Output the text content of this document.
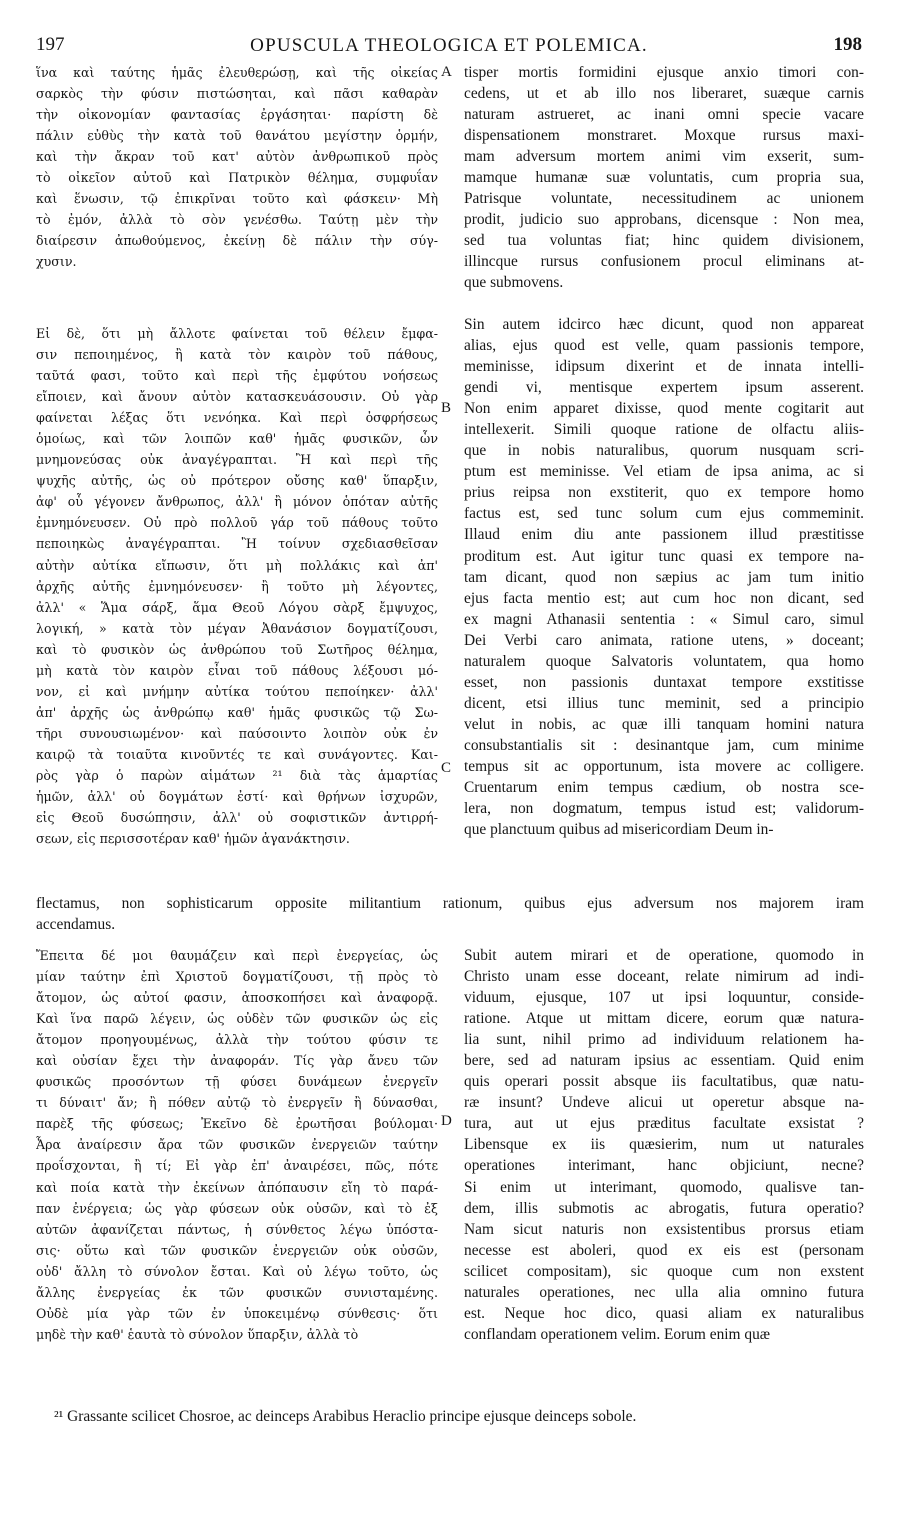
197	OPUSCULA THEOLOGICA ET POLEMICA.	198
A
B
C
D
ἵνα καὶ ταύτης ἡμᾶς ἐλευθερώσῃ, καὶ τῆς οἰκείας
σαρκὸς τὴν φύσιν πιστώσηται, καὶ πᾶσι καθαρὰν
τὴν οἰκονομίαν φαντασίας ἐργάσηται· παρίστη δὲ
πάλιν εὐθὺς τὴν κατὰ τοῦ θανάτου μεγίστην ὁρμήν,
καὶ τὴν ἄκραν τοῦ κατ' αὐτὸν ἀνθρωπικοῦ πρὸς
τὸ οἰκεῖον αὐτοῦ καὶ Πατρικὸν θέλημα, συμφυΐαν
καὶ ἕνωσιν, τῷ ἐπικρῖναι τοῦτο καὶ φάσκειν· Μὴ
τὸ ἐμόν, ἀλλὰ τὸ σὸν γενέσθω. Ταύτῃ μὲν τὴν
διαίρεσιν ἀπωθούμενος, ἐκείνῃ δὲ πάλιν τὴν σύγ-
χυσιν.
Εἰ δὲ, ὅτι μὴ ἄλλοτε φαίνεται τοῦ θέλειν ἔμφα-
σιν πεποιημένος, ἢ κατὰ τὸν καιρὸν τοῦ πάθους,
ταῦτά φασι, τοῦτο καὶ περὶ τῆς ἐμφύτου νοήσεως
εἴποιεν, καὶ ἄνουν αὐτὸν κατασκευάσουσιν. Οὐ γὰρ
φαίνεται λέξας ὅτι νενόηκα. Καὶ περὶ ὀσφρήσεως
ὁμοίως, καὶ τῶν λοιπῶν καθ' ἡμᾶς φυσικῶν, ὧν
μνημονεύσας οὐκ ἀναγέγραπται. Ἢ καὶ περὶ τῆς
ψυχῆς αὐτῆς, ὡς οὐ πρότερον οὔσης καθ' ὕπαρξιν,
ἀφ' οὗ γέγονεν ἄνθρωπος, ἀλλ' ἢ μόνον ὁπόταν αὐτῆς
ἐμνημόνευσεν. Οὐ πρὸ πολλοῦ γάρ τοῦ πάθους τοῦτο
πεποιηκὼς ἀναγέγραπται. Ἢ τοίνυν σχεδιασθεῖσαν
αὐτὴν αὐτίκα εἴπωσιν, ὅτι μὴ πολλάκις καὶ ἀπ'
ἀρχῆς αὐτῆς ἐμνημόνευσεν· ἢ τοῦτο μὴ λέγοντες,
ἀλλ' « Ἅμα σάρξ, ἅμα Θεοῦ Λόγου σὰρξ ἔμψυχος,
λογική, » κατὰ τὸν μέγαν Ἀθανάσιον δογματίζουσι,
καὶ τὸ φυσικὸν ὡς ἀνθρώπου τοῦ Σωτῆρος θέλημα,
μὴ κατὰ τὸν καιρὸν εἶναι τοῦ πάθους λέξουσι μό-
νον, εἰ καὶ μνήμην αὐτίκα τούτου πεποίηκεν· ἀλλ'
ἀπ' ἀρχῆς ὡς ἀνθρώπῳ καθ' ἡμᾶς φυσικῶς τῷ Σω-
τῆρι συνουσιωμένον· καὶ παύσοιντο λοιπὸν οὐκ ἐν
καιρῷ τὰ τοιαῦτα κινοῦντές τε καὶ συνάγοντες. Και-
ρὸς γὰρ ὁ παρὼν αἱμάτων ²¹ διὰ τὰς ἁμαρτίας
ἡμῶν, ἀλλ' οὐ δογμάτων ἐστί· καὶ θρήνων ἰσχυρῶν,
εἰς Θεοῦ δυσώπησιν, ἀλλ' οὐ σοφιστικῶν ἀντιρρή-
σεων, εἰς περισσοτέραν καθ' ἡμῶν ἀγανάκτησιν.
Ἔπειτα δέ μοι θαυμάζειν καὶ περὶ ἐνεργείας, ὡς
μίαν ταύτην ἐπὶ Χριστοῦ δογματίζουσι, τῇ πρὸς τὸ
ἄτομον, ὡς αὐτοί φασιν, ἀποσκοπήσει καὶ ἀναφορᾷ.
Καὶ ἵνα παρῶ λέγειν, ὡς οὐδὲν τῶν φυσικῶν ὡς εἰς
ἄτομον προηγουμένως, ἀλλὰ τὴν τούτου φύσιν τε
καὶ οὐσίαν ἔχει τὴν ἀναφοράν. Τίς γὰρ ἄνευ τῶν
φυσικῶς προσόντων τῇ φύσει δυνάμεων ἐνεργεῖν
τι δύναιτ' ἄν; ἢ πόθεν αὐτῷ τὸ ἐνεργεῖν ἢ δύνασθαι,
παρὲξ τῆς φύσεως; Ἐκεῖνο δὲ ἐρωτῆσαι βούλομαι·
Ἆρα ἀναίρεσιν ἄρα τῶν φυσικῶν ἐνεργειῶν ταύτην
προΐσχονται, ἢ τί; Εἰ γὰρ ἐπ' ἀναιρέσει, πῶς, πότε
καὶ ποία κατὰ τὴν ἐκείνων ἀπόπαυσιν εἴη τὸ παρά-
παν ἐνέργεια; ὡς γὰρ φύσεων οὐκ οὐσῶν, καὶ τὸ ἐξ
αὐτῶν ἀφανίζεται πάντως, ἡ σύνθετος λέγω ὑπόστα-
σις· οὕτω καὶ τῶν φυσικῶν ἐνεργειῶν οὐκ οὐσῶν,
οὐδ' ἄλλη τὸ σύνολον ἔσται. Καὶ οὐ λέγω τοῦτο, ὡς
ἄλλης ἐνεργείας ἐκ τῶν φυσικῶν συνισταμένης.
Οὐδὲ μία γὰρ τῶν ἐν ὑποκειμένῳ σύνθεσις· ὅτι
μηδὲ τὴν καθ' ἑαυτὰ τὸ σύνολον ὕπαρξιν, ἀλλὰ τὸ
tisper mortis formidini ejusque anxio timori con-
cedens, ut et ab illo nos liberaret, suæque carnis
naturam astrueret, ac inani omni specie vacare
dispensationem monstraret. Moxque rursus maxi-
mam adversum mortem animi vim exserit, sum-
mamque humanæ suæ voluntatis, cum propria sua,
Patrisque voluntate, necessitudinem ac unionem
prodit, judicio suo approbans, dicensque : Non mea,
sed tua voluntas fiat; hinc quidem divisionem,
illincque rursus confusionem procul eliminans at-
que submovens.
Sin autem idcirco hæc dicunt, quod non appareat
alias, ejus quod est velle, quam passionis tempore,
meminisse, idipsum dixerint et de innata intelli-
gendi vi, mentisque expertem ipsum asserent.
Non enim apparet dixisse, quod mente cogitarit aut
intellexerit. Simili quoque ratione de olfactu aliis-
que in nobis naturalibus, quorum nusquam scri-
ptum est meminisse. Vel etiam de ipsa anima, ac si
prius reipsa non exstiterit, quo ex tempore homo
factus est, sed tunc solum cum ejus commeminit.
Illaud enim diu ante passionem illud præstitisse
proditum est. Aut igitur tunc quasi ex tempore na-
tam dicant, quod non sæpius ac jam tum initio
ejus facta mentio est; aut cum hoc non dicant, sed
ex magni Athanasii sententia : « Simul caro, simul
Dei Verbi caro animata, ratione utens, » doceant;
naturalem quoque Salvatoris voluntatem, qua homo
esset, non passionis duntaxat tempore exstitisse
dicent, etsi illius tunc meminit, sed a principio
velut in nobis, ac quæ illi tanquam homini natura
consubstantialis sit : desinantque jam, cum minime
tempus sit ac opportunum, ista movere ac colligere.
Cruentarum enim tempus cædium, ob nostra sce-
lera, non dogmatum, tempus istud est; validorum-
que planctuum quibus ad misericordiam Deum in-
Subit autem mirari et de operatione, quomodo in
Christo unam esse doceant, relate nimirum ad indi-
viduum, ejusque, 107 ut ipsi loquuntur, conside-
ratione. Atque ut mittam dicere, eorum quæ natura-
lia sunt, nihil primo ad individuum relationem ha-
bere, sed ad naturam ipsius ac essentiam. Quid enim
quis operari possit absque iis facultatibus, quæ natu-
ræ insunt? Undeve alicui ut operetur absque na-
tura, aut ut ejus præditus facultate exsistat ?
Libensque ex iis quæsierim, num ut naturales
operationes interimant, hanc objiciunt, necne?
Si enim ut interimant, quomodo, qualisve tan-
dem, illis submotis ac abrogatis, futura operatio?
Nam sicut naturis non exsistentibus prorsus etiam
necesse est aboleri, quod ex eis est (personam
scilicet compositam), sic quoque cum non exstent
naturales operationes, nec ulla alia omnino futura
est. Neque hoc dico, quasi aliam ex naturalibus
conflandam operationem velim. Eorum enim quæ
flectamus, non sophisticarum opposite militantium rationum, quibus ejus adversum nos majorem iram
accendamus.
²¹ Grassante scilicet Chosroe, ac deinceps Arabibus Heraclio principe ejusque deinceps sobole.
